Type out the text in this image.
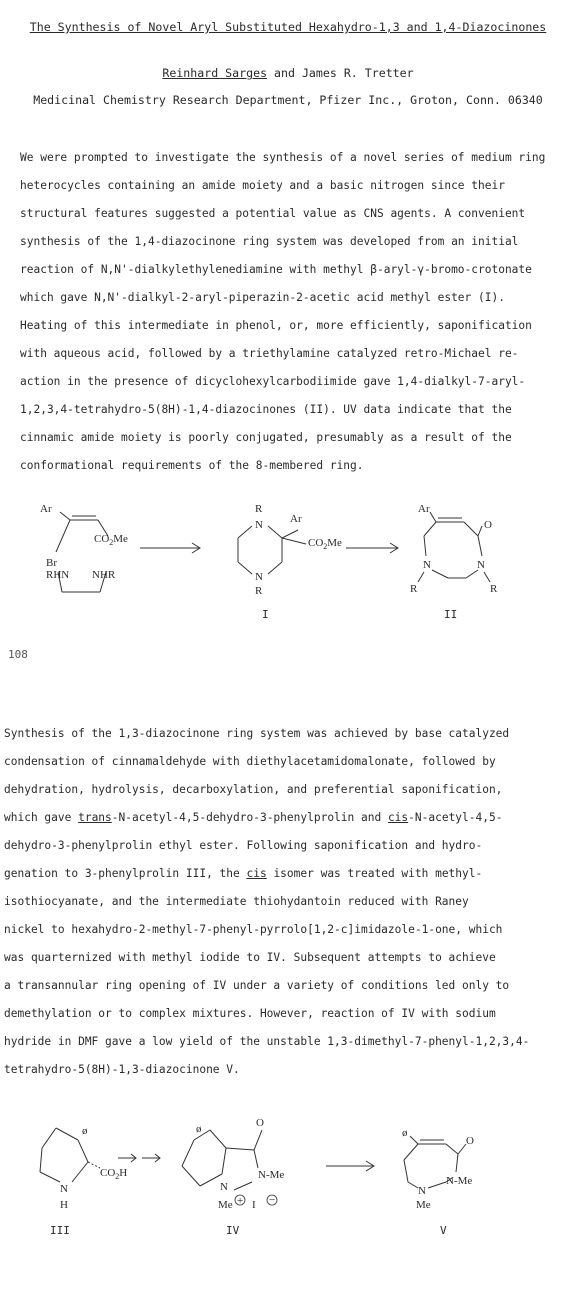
The Synthesis of Novel Aryl Substituted Hexahydro-1,3 and 1,4-Diazocinones
Reinhard Sarges and James R. Tretter
Medicinal Chemistry Research Department, Pfizer Inc., Groton, Conn. 06340
We were prompted to investigate the synthesis of a novel series of medium ring
heterocycles containing an amide moiety and a basic nitrogen since their
structural features suggested a potential value as CNS agents. A convenient
synthesis of the 1,4-diazocinone ring system was developed from an initial
reaction of N,N'-dialkylethylenediamine with methyl β-aryl-γ-bromo-crotonate
which gave N,N'-dialkyl-2-aryl-piperazin-2-acetic acid methyl ester (I).
Heating of this intermediate in phenol, or, more efficiently, saponification
with aqueous acid, followed by a triethylamine catalyzed retro-Michael re-
action in the presence of dicyclohexylcarbodiimide gave 1,4-dialkyl-7-aryl-
1,2,3,4-tetrahydro-5(8H)-1,4-diazocinones (II). UV data indicate that the
cinnamic amide moiety is poorly conjugated, presumably as a result of the
conformational requirements of the 8-membered ring.
Ar
Br
$CO_2Me$
RHN NHR
R
N Ar
$CO_2Me$
N
R
I
Ar
O
N	N
R	R
II
108
Synthesis of the 1,3-diazocinone ring system was achieved by base catalyzed
condensation of cinnamaldehyde with diethylacetamidomalonate, followed by
dehydration, hydrolysis, decarboxylation, and preferential saponification,
which gave trans-N-acetyl-4,5-dehydro-3-phenylprolin and cis-N-acetyl-4,5-
dehydro-3-phenylprolin ethyl ester. Following saponification and hydro-
genation to 3-phenylprolin III, the cis isomer was treated with methyl-
isothiocyanate, and the intermediate thiohydantoin reduced with Raney
nickel to hexahydro-2-methyl-7-phenyl-pyrrolo[1,2-c]imidazole-1-one, which
was quarternized with methyl iodide to IV. Subsequent attempts to achieve
a transannular ring opening of IV under a variety of conditions led only to
demethylation or to complex mixtures. However, reaction of IV with sodium
hydride in DMF gave a low yield of the unstable 1,3-dimethyl-7-phenyl-1,2,3,4-
tetrahydro-5(8H)-1,3-diazocinone V.
ø
N
H
$CO_2H$
III
ø	O
N-Me
N
Me + I −
IV
ø
O
N-Me
N
Me
V
